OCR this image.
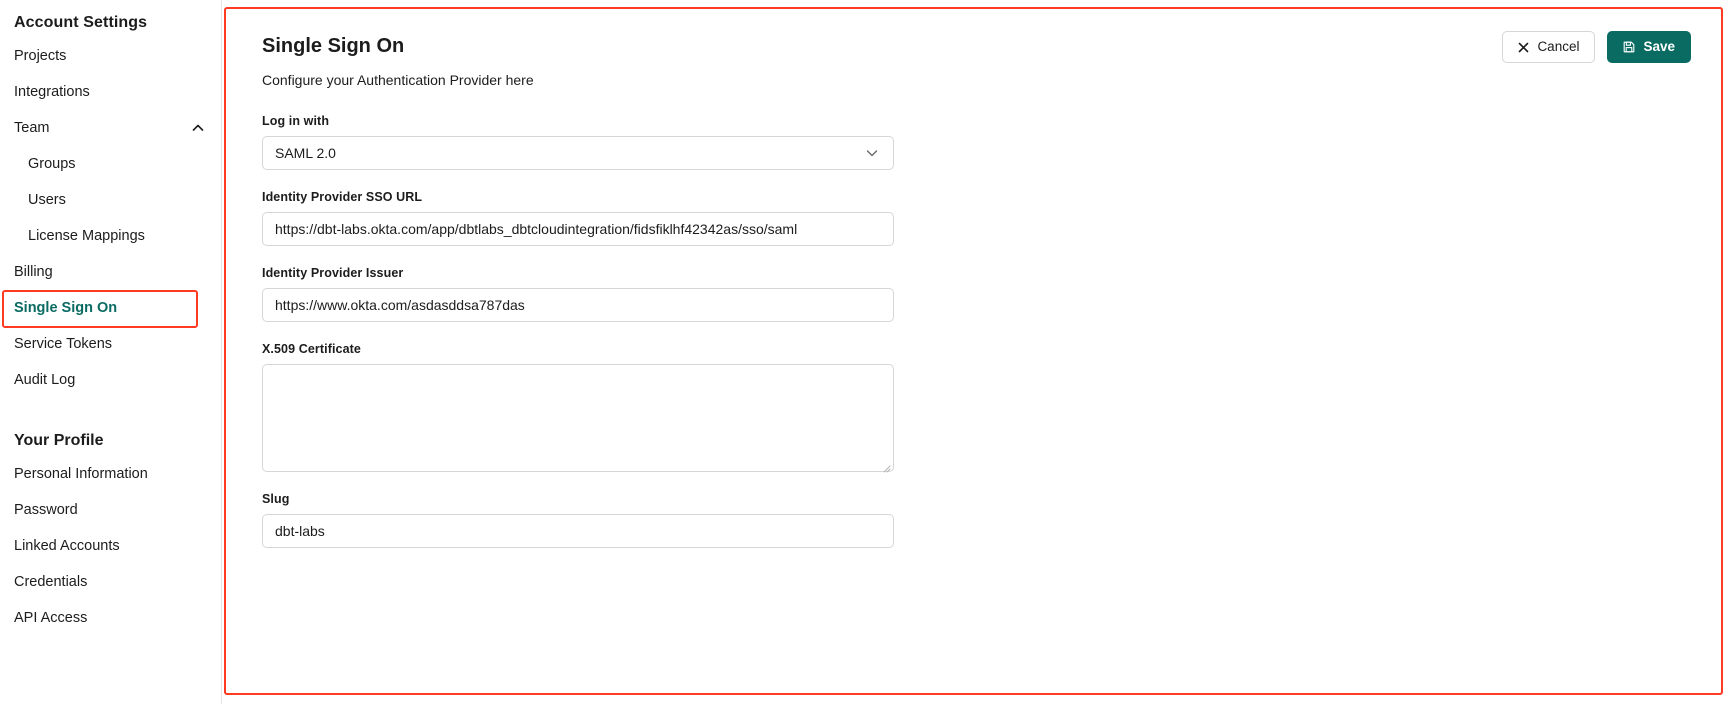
Account Settings
Projects
Integrations
Team
Groups
Users
License Mappings
Billing
Single Sign On
Service Tokens
Audit Log
Your Profile
Personal Information
Password
Linked Accounts
Credentials
API Access
Cancel	Save
Single Sign On
Configure your Authentication Provider here
Log in with
SAML 2.0
Identity Provider SSO URL
https://dbt-labs.okta.com/app/dbtlabs_dbtcloudintegration/fidsfiklhf42342as/sso/saml
Identity Provider Issuer
https://www.okta.com/asdasddsa787das
X.509 Certificate
Slug
dbt-labs
